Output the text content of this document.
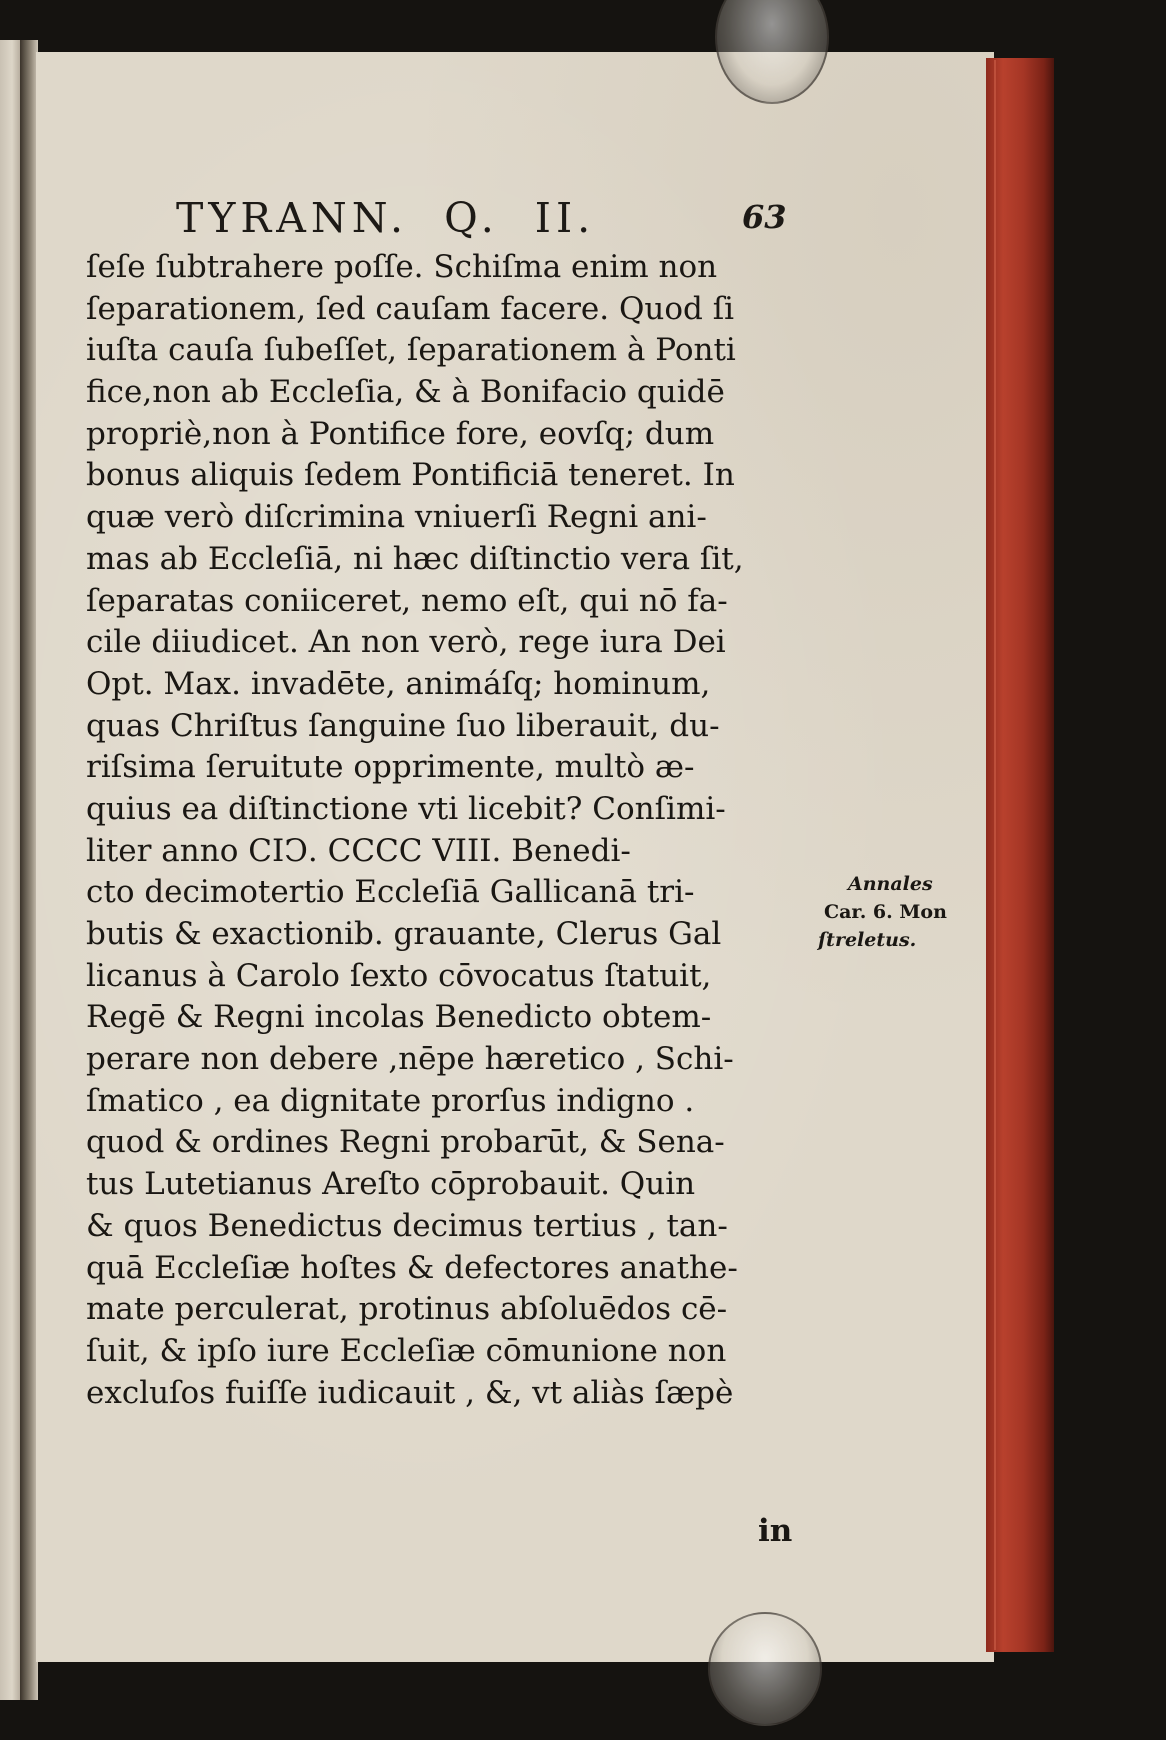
TYRANN.  Q.  II.	63
ſeſe ſubtrahere poſſe. Schiſma enim non
ſeparationem, ſed cauſam facere. Quod ſi
iuſta cauſa ſubeſſet, ſeparationem à Ponti
fice,non ab Eccleſia, & à Bonifacio quidē
propriè,non à Pontifice fore, eovſq; dum
bonus aliquis ſedem Pontificiā teneret. In
quæ verò diſcrimina vniuerſi Regni ani-
mas ab Eccleſiā, ni hæc diſtinctio vera ſit,
ſeparatas coniiceret, nemo eſt, qui nō fa-
cile diiudicet. An non verò, rege iura Dei
Opt. Max. invadēte, animáſq; hominum,
quas Chriſtus ſanguine ſuo liberauit, du-
riſsima ſeruitute opprimente, multò æ-
quius ea diſtinctione vti licebit? Conſimi-
liter anno CIↃ. CCCC VIII. Benedi-
cto decimotertio Eccleſiā Gallicanā tri-
butis & exactionib. grauante, Clerus Gal
licanus à Carolo ſexto cōvocatus ſtatuit,
Regē & Regni incolas Benedicto obtem-
perare non debere ,nēpe hæretico , Schi-
ſmatico , ea dignitate prorſus indigno .
quod & ordines Regni probarūt, & Sena-
tus Lutetianus Areſto cōprobauit. Quin
& quos Benedictus decimus tertius , tan-
quā Eccleſiæ hoſtes & defectores anathe-
mate perculerat, protinus abſoluēdos cē-
ſuit, & ipſo iure Eccleſiæ cōmunione non
excluſos fuiſſe iudicauit , &, vt aliàs ſæpè
in
Annales
Car. 6. Mon
ſtreletus.
